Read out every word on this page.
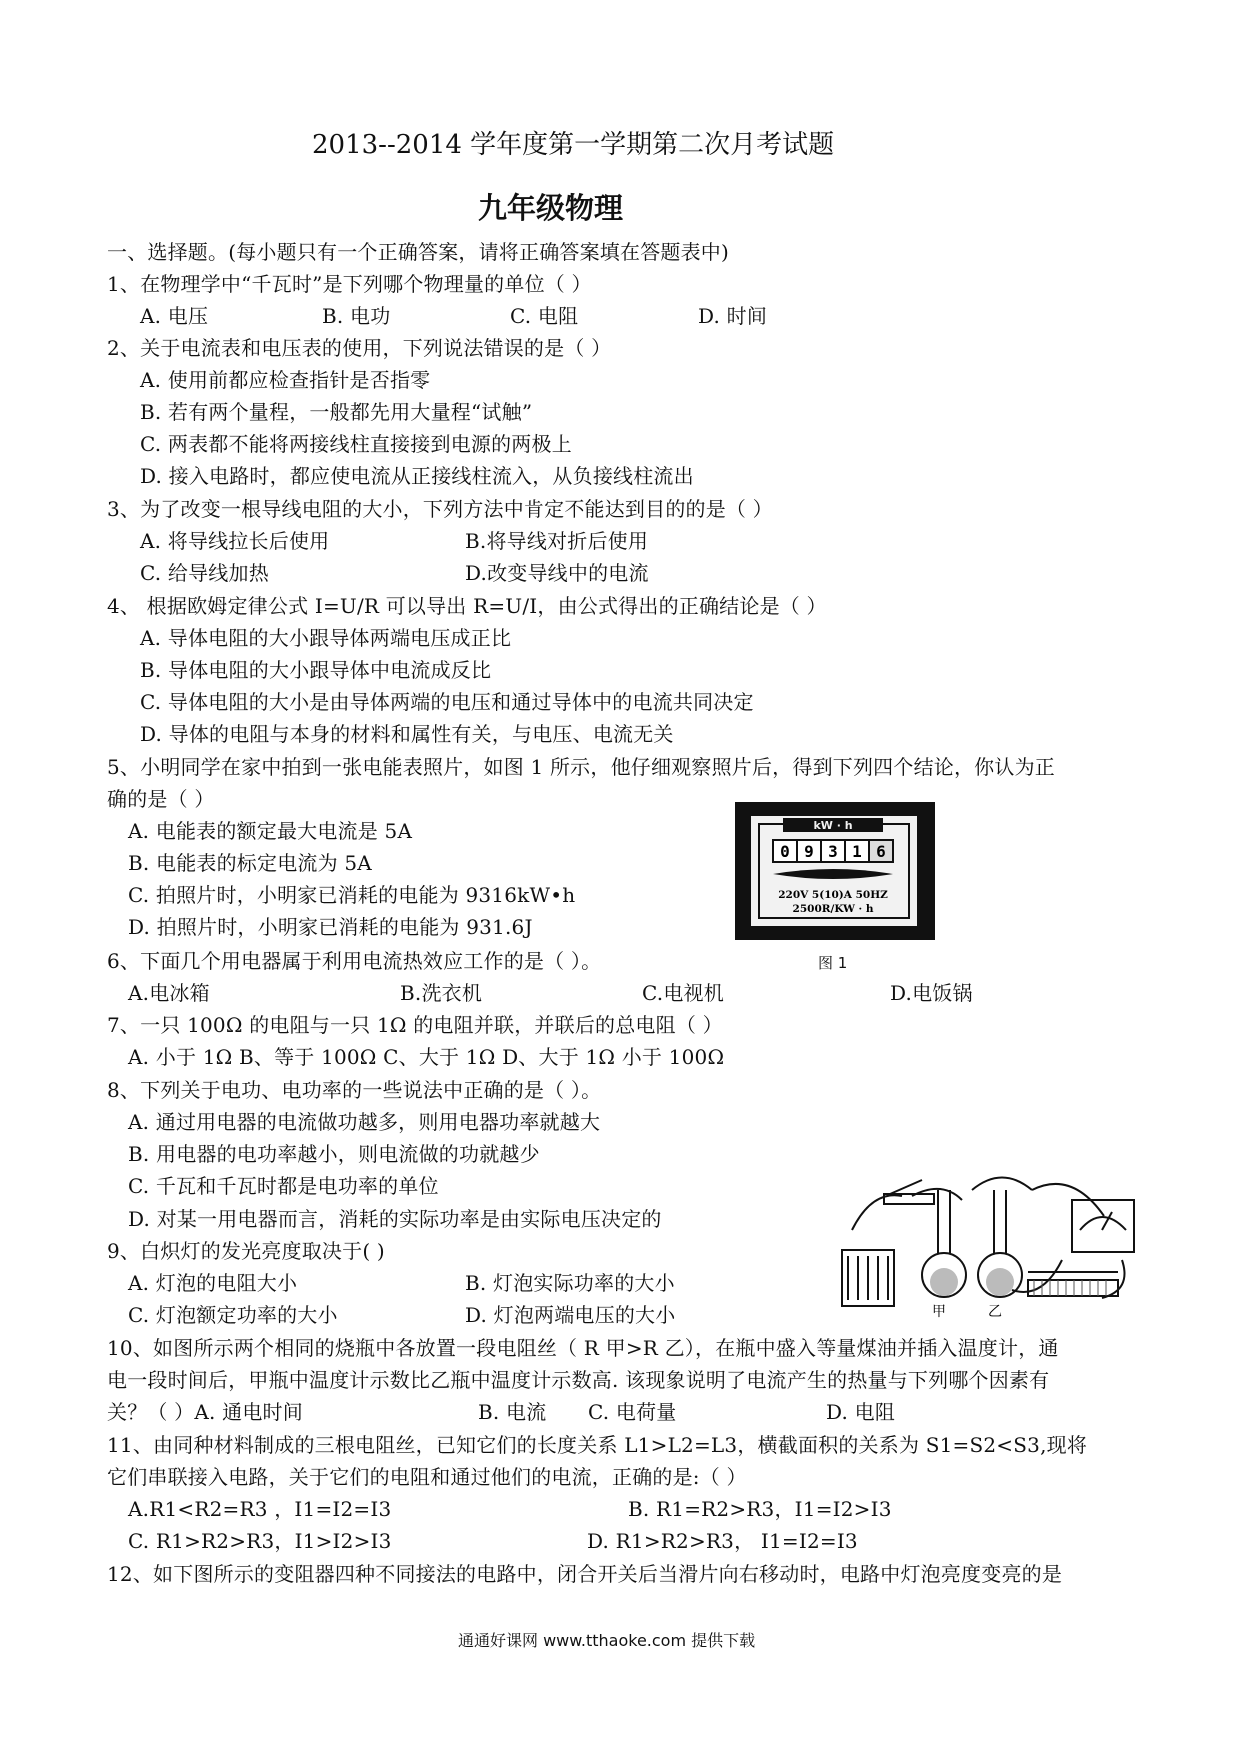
2013--2014 学年度第一学期第二次月考试题
九年级物理
一、选择题。(每小题只有一个正确答案，请将正确答案填在答题表中)
1、在物理学中“千瓦时”是下列哪个物理量的单位（ ）
A. 电压	B. 电功	C. 电阻	D. 时间
2、关于电流表和电压表的使用，下列说法错误的是（ ）
A. 使用前都应检查指针是否指零
B. 若有两个量程，一般都先用大量程“试触”
C. 两表都不能将两接线柱直接接到电源的两极上
D. 接入电路时，都应使电流从正接线柱流入，从负接线柱流出
3、为了改变一根导线电阻的大小，下列方法中肯定不能达到目的的是（ ）
A. 将导线拉长后使用	B.将导线对折后使用
C. 给导线加热	D.改变导线中的电流
4、 根据欧姆定律公式 I=U/R 可以导出 R=U/I，由公式得出的正确结论是（ ）
A. 导体电阻的大小跟导体两端电压成正比
B. 导体电阻的大小跟导体中电流成反比
C. 导体电阻的大小是由导体两端的电压和通过导体中的电流共同决定
D. 导体的电阻与本身的材料和属性有关，与电压、电流无关
5、小明同学在家中拍到一张电能表照片，如图 1 所示，他仔细观察照片后，得到下列四个结论，你认为正
确的是（ ）
A. 电能表的额定最大电流是 5A
B. 电能表的标定电流为 5A
C. 拍照片时，小明家已消耗的电能为 9316kW•h
D. 拍照片时，小明家已消耗的电能为 931.6J
kW · h
0 9 3 1 6
220V 5(10)A 50HZ
2500R/KW · h
6、下面几个用电器属于利用电流热效应工作的是（ ）。	图 1
A.电冰箱	B.洗衣机	C.电视机	D.电饭锅
7、一只 100Ω 的电阻与一只 1Ω 的电阻并联，并联后的总电阻（ ）
A. 小于 1Ω B、等于 100Ω C、大于 1Ω D、大于 1Ω 小于 100Ω
8、下列关于电功、电功率的一些说法中正确的是（ ）。
A. 通过用电器的电流做功越多，则用电器功率就越大
B. 用电器的电功率越小，则电流做的功就越少
C. 千瓦和千瓦时都是电功率的单位
D. 对某一用电器而言，消耗的实际功率是由实际电压决定的
甲	乙
9、白炽灯的发光亮度取决于( )
A. 灯泡的电阻大小	B. 灯泡实际功率的大小
C. 灯泡额定功率的大小	D. 灯泡两端电压的大小
10、如图所示两个相同的烧瓶中各放置一段电阻丝（ R 甲>R 乙），在瓶中盛入等量煤油并插入温度计，通
电一段时间后，甲瓶中温度计示数比乙瓶中温度计示数高. 该现象说明了电流产生的热量与下列哪个因素有
关？（ ）A. 通电时间	B. 电流 C. 电荷量	D. 电阻
11、由同种材料制成的三根电阻丝，已知它们的长度关系 L1>L2=L3，横截面积的关系为 S1=S2<S3,现将
它们串联接入电路，关于它们的电阻和通过他们的电流，正确的是:（ ）
A.R1<R2=R3 ，I1=I2=I3	B. R1=R2>R3，I1=I2>I3
C. R1>R2>R3，I1>I2>I3	D. R1>R2>R3， I1=I2=I3
12、如下图所示的变阻器四种不同接法的电路中，闭合开关后当滑片向右移动时，电路中灯泡亮度变亮的是
通通好课网 www.tthaoke.com 提供下载
